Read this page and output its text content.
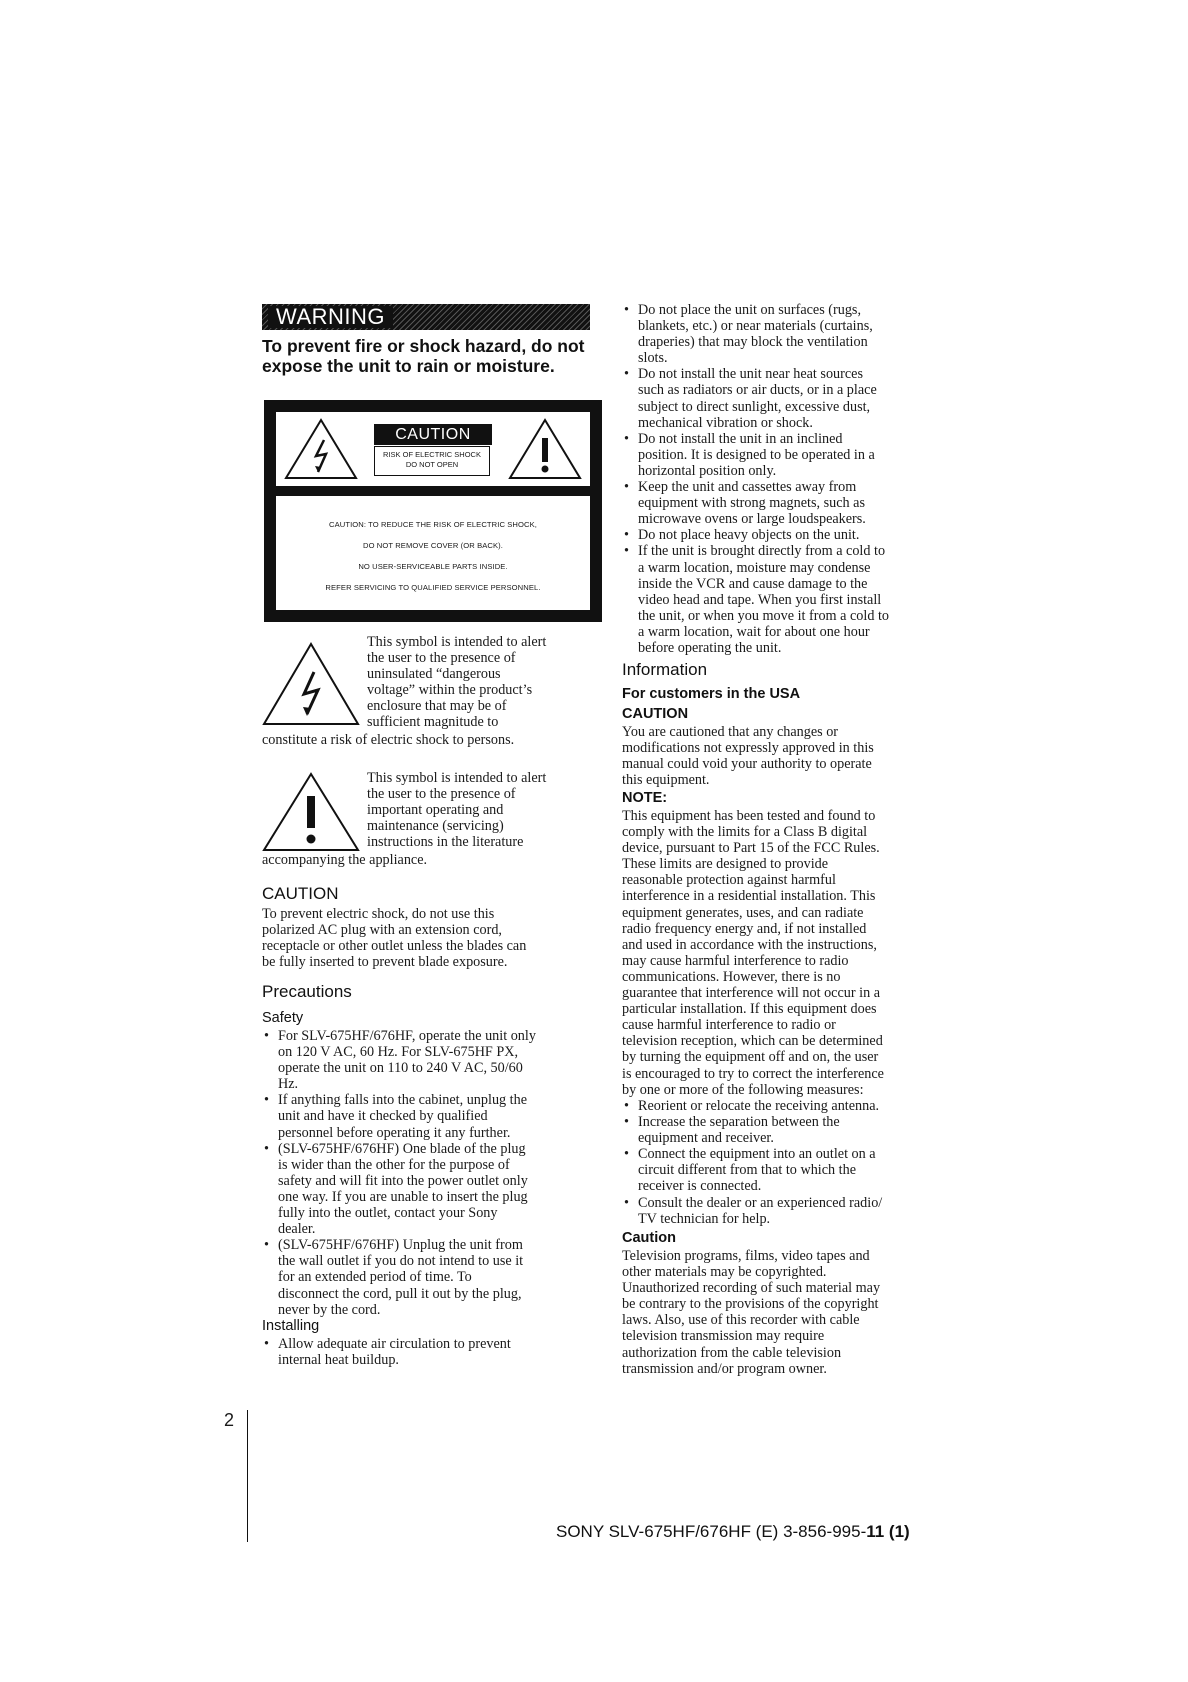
WARNING
To prevent fire or shock hazard, do not expose the unit to rain or moisture.
CAUTION
RISK OF ELECTRIC SHOCK
DO NOT OPEN
CAUTION: TO REDUCE THE RISK OF ELECTRIC SHOCK,
DO NOT REMOVE COVER (OR BACK).
NO USER-SERVICEABLE PARTS INSIDE.
REFER SERVICING TO QUALIFIED SERVICE PERSONNEL.
This symbol is intended to alert
the user to the presence of
uninsulated “dangerous
voltage” within the product’s
enclosure that may be of
sufficient magnitude to
constitute a risk of electric shock to persons.
This symbol is intended to alert
the user to the presence of
important operating and
maintenance (servicing)
instructions in the literature
accompanying the appliance.
CAUTION
To prevent electric shock, do not use this
polarized AC plug with an extension cord,
receptacle or other outlet unless the blades can
be fully inserted to prevent blade exposure.
Precautions
Safety
• For SLV-675HF/676HF, operate the unit only
on 120 V AC, 60 Hz. For SLV-675HF PX,
operate the unit on 110 to 240 V AC, 50/60
Hz.
• If anything falls into the cabinet, unplug the
unit and have it checked by qualified
personnel before operating it any further.
• (SLV-675HF/676HF) One blade of the plug
is wider than the other for the purpose of
safety and will fit into the power outlet only
one way. If you are unable to insert the plug
fully into the outlet, contact your Sony
dealer.
• (SLV-675HF/676HF) Unplug the unit from
the wall outlet if you do not intend to use it
for an extended period of time. To
disconnect the cord, pull it out by the plug,
never by the cord.
Installing
• Allow adequate air circulation to prevent
internal heat buildup.
• Do not place the unit on surfaces (rugs,
blankets, etc.) or near materials (curtains,
draperies) that may block the ventilation
slots.
• Do not install the unit near heat sources
such as radiators or air ducts, or in a place
subject to direct sunlight, excessive dust,
mechanical vibration or shock.
• Do not install the unit in an inclined
position. It is designed to be operated in a
horizontal position only.
• Keep the unit and cassettes away from
equipment with strong magnets, such as
microwave ovens or large loudspeakers.
• Do not place heavy objects on the unit.
• If the unit is brought directly from a cold to
a warm location, moisture may condense
inside the VCR and cause damage to the
video head and tape. When you first install
the unit, or when you move it from a cold to
a warm location, wait for about one hour
before operating the unit.
Information
For customers in the USA
CAUTION
You are cautioned that any changes or
modifications not expressly approved in this
manual could void your authority to operate
this equipment.
NOTE:
This equipment has been tested and found to
comply with the limits for a Class B digital
device, pursuant to Part 15 of the FCC Rules.
These limits are designed to provide
reasonable protection against harmful
interference in a residential installation. This
equipment generates, uses, and can radiate
radio frequency energy and, if not installed
and used in accordance with the instructions,
may cause harmful interference to radio
communications. However, there is no
guarantee that interference will not occur in a
particular installation. If this equipment does
cause harmful interference to radio or
television reception, which can be determined
by turning the equipment off and on, the user
is encouraged to try to correct the interference
by one or more of the following measures:
• Reorient or relocate the receiving antenna.
• Increase the separation between the
equipment and receiver.
• Connect the equipment into an outlet on a
circuit different from that to which the
receiver is connected.
• Consult the dealer or an experienced radio/
TV technician for help.
Caution
Television programs, films, video tapes and
other materials may be copyrighted.
Unauthorized recording of such material may
be contrary to the provisions of the copyright
laws. Also, use of this recorder with cable
television transmission may require
authorization from the cable television
transmission and/or program owner.
2
SONY SLV-675HF/676HF (E) 3-856-995-11 (1)
